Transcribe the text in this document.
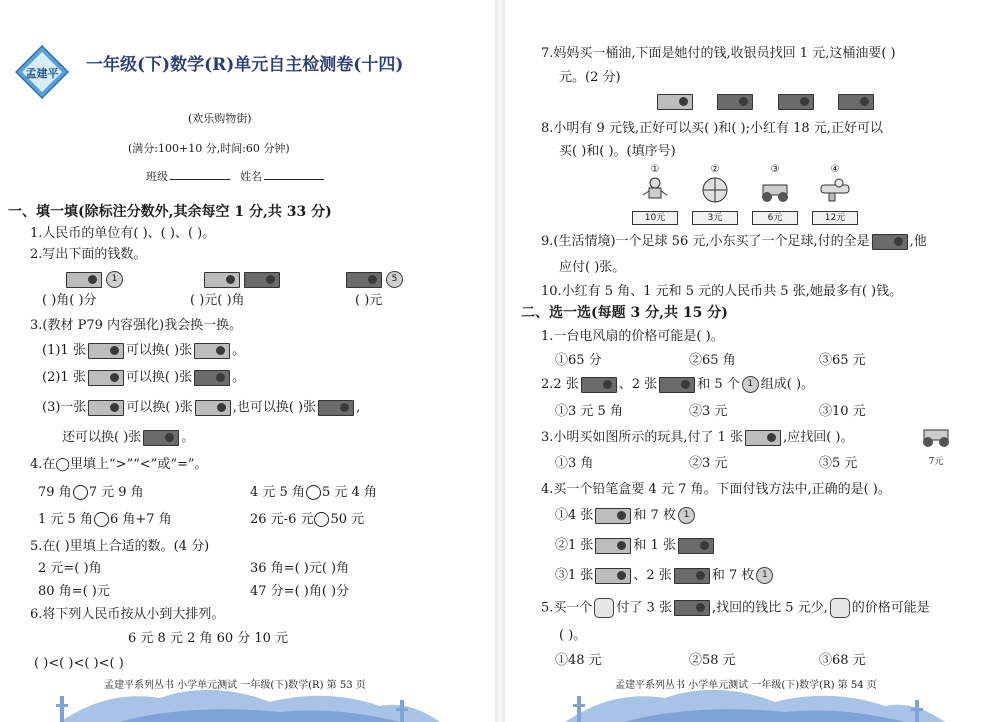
孟建平 一年级(下)数学(R)单元自主检测卷(十四)
(欢乐购物街)
(满分:100+10 分,时间:60 分钟)
班级	姓名
一、填一填(除标注分数外,其余每空 1 分,共 33 分)
1.人民币的单位有( )、( )、( )。
2.写出下面的钱数。
1	5
( )角( )分	( )元( )角	( )元
3.(教材 P79 内容强化)我会换一换。
(1)1 张	可以换( )张	。
(2)1 张	可以换( )张	。
(3)一张	可以换( )张	,也可以换( )张	,
还可以换( )张	。
4.在◯里填上“>”“<”或“=”。
79 角 7 元 9 角	4 元 5 角 5 元 4 角
1 元 5 角 6 角+7 角	26 元-6 元 50 元
5.在( )里填上合适的数。(4 分)
2 元=( )角	36 角=( )元( )角
80 角=( )元	47 分=( )角( )分
6.将下列人民币按从小到大排列。
6 元 8 元 2 角 60 分 10 元
( )<( )<( )<( )
孟建平系列丛书 小学单元测试 一年级(下)数学(R) 第 53 页
7.妈妈买一桶油,下面是她付的钱,收银员找回 1 元,这桶油要( )
元。(2 分)

8.小明有 9 元钱,正好可以买( )和( );小红有 18 元,正好可以
买( )和( )。(填序号)
①
10元
②
3元
③
6元
④
12元
9.(生活情境)一个足球 56 元,小东买了一个足球,付的全是	,他
应付( )张。
10.小红有 5 角、1 元和 5 元的人民币共 5 张,她最多有( )钱。
二、选一选(每题 3 分,共 15 分)
1.一台电风扇的价格可能是( )。
①65 分	②65 角	③65 元
2.2 张	、2 张	和 5 个 1 组成( )。
①3 元 5 角	②3 元	③10 元
3.小明买如图所示的玩具,付了 1 张	,应找回( )。
7元
①3 角	②3 元	③5 元
4.买一个铅笔盒要 4 元 7 角。下面付钱方法中,正确的是( )。
①4 张	和 7 枚 1
②1 张	和 1 张
③1 张	、2 张	和 7 枚 1
5.买一个 付了 3 张	,找回的钱比 5 元少, 的价格可能是
( )。
①48 元	②58 元	③68 元
孟建平系列丛书 小学单元测试 一年级(下)数学(R) 第 54 页
